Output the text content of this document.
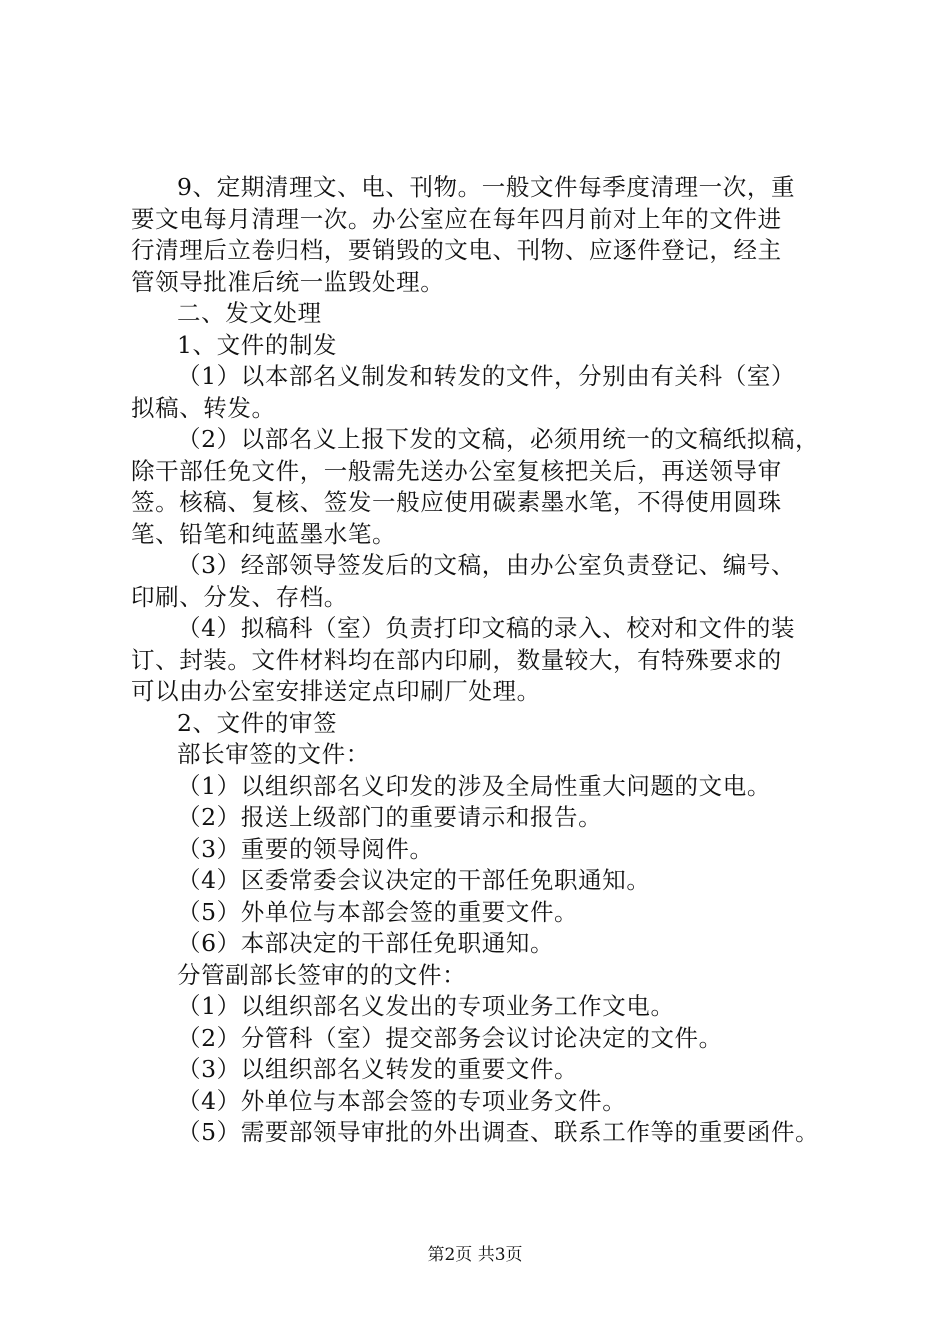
9、定期清理文、电、刊物。一般文件每季度清理一次，重
要文电每月清理一次。办公室应在每年四月前对上年的文件进
行清理后立卷归档，要销毁的文电、刊物、应逐件登记，经主
管领导批准后统一监毁处理。
二、发文处理
1、文件的制发
（1）以本部名义制发和转发的文件，分别由有关科（室）
拟稿、转发。
（2）以部名义上报下发的文稿，必须用统一的文稿纸拟稿，
除干部任免文件，一般需先送办公室复核把关后，再送领导审
签。核稿、复核、签发一般应使用碳素墨水笔，不得使用圆珠
笔、铅笔和纯蓝墨水笔。
（3）经部领导签发后的文稿，由办公室负责登记、编号、
印刷、分发、存档。
（4）拟稿科（室）负责打印文稿的录入、校对和文件的装
订、封装。文件材料均在部内印刷，数量较大，有特殊要求的
可以由办公室安排送定点印刷厂处理。
2、文件的审签
部长审签的文件：
（1）以组织部名义印发的涉及全局性重大问题的文电。
（2）报送上级部门的重要请示和报告。
（3）重要的领导阅件。
（4）区委常委会议决定的干部任免职通知。
（5）外单位与本部会签的重要文件。
（6）本部决定的干部任免职通知。
分管副部长签审的的文件：
（1）以组织部名义发出的专项业务工作文电。
（2）分管科（室）提交部务会议讨论决定的文件。
（3）以组织部名义转发的重要文件。
（4）外单位与本部会签的专项业务文件。
（5）需要部领导审批的外出调查、联系工作等的重要函件。
第2页 共3页
